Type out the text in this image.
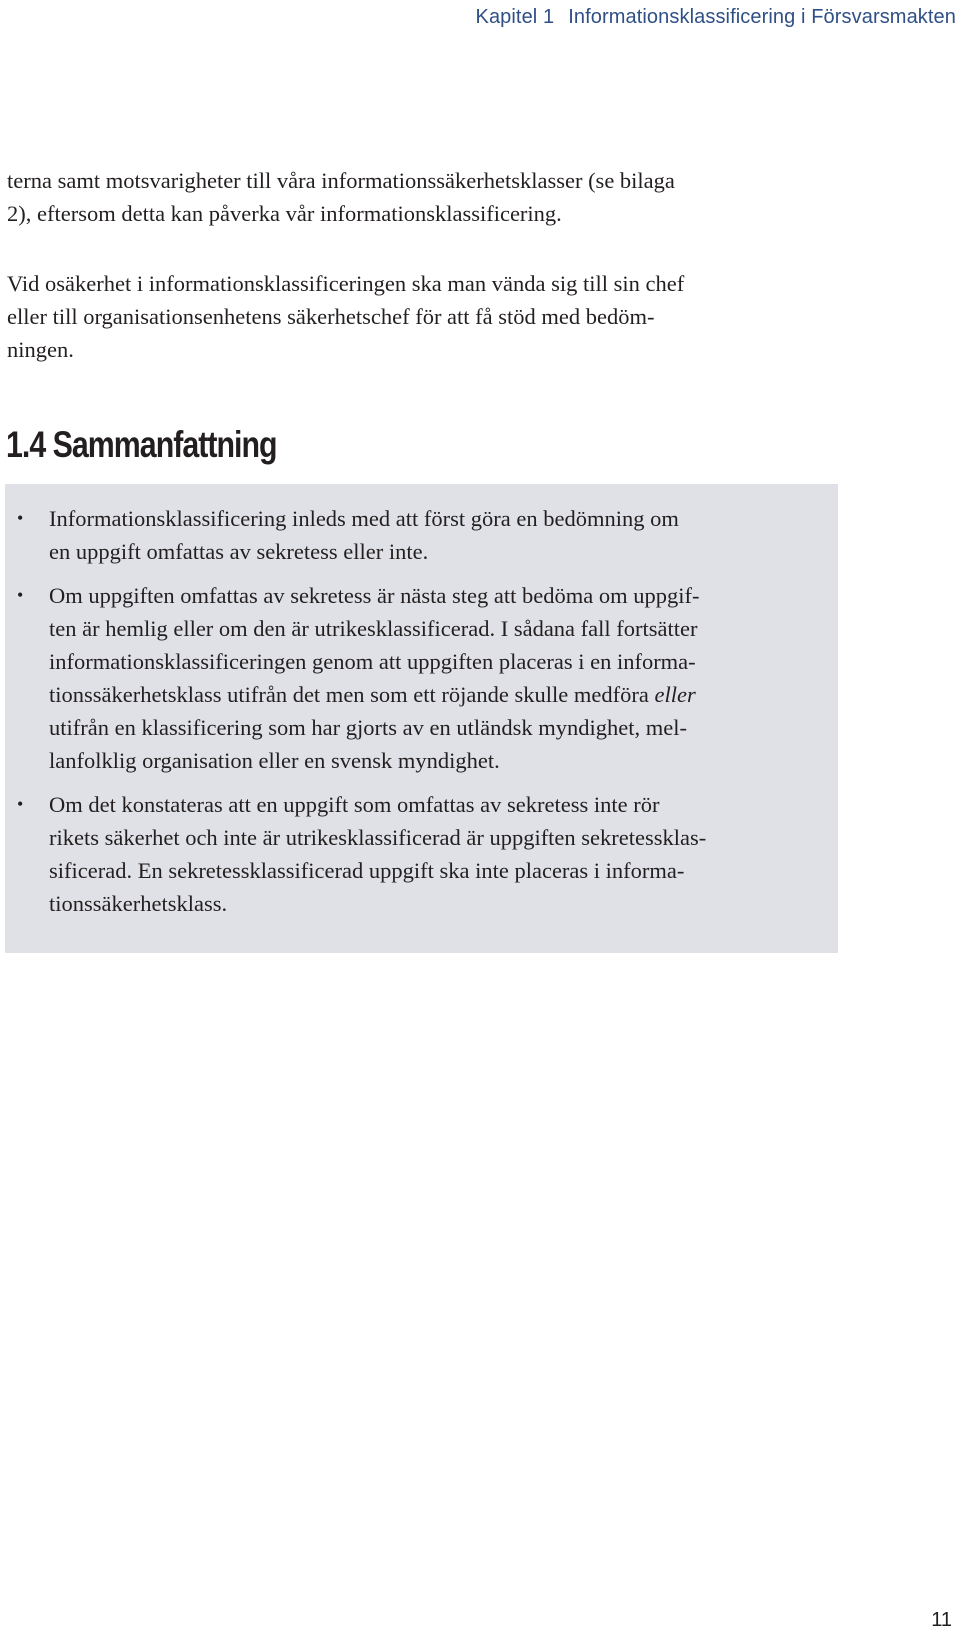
Kapitel 1 Informationsklassificering i Försvarsmakten

terna samt motsvarigheter till våra informationssäkerhetsklasser (se bilaga
2), eftersom detta kan påverka vår informationsklassificering.

Vid osäkerhet i informationsklassificeringen ska man vända sig till sin chef
eller till organisationsenhetens säkerhetschef för att få stöd med bedöm-
ningen.

1.4 Sammanfattning
• Informationsklassificering inleds med att först göra en bedömning om
en uppgift omfattas av sekretess eller inte.
• Om uppgiften omfattas av sekretess är nästa steg att bedöma om uppgif-
ten är hemlig eller om den är utrikesklassificerad. I sådana fall fortsätter
informationsklassificeringen genom att uppgiften placeras i en informa-
tionssäkerhetsklass utifrån det men som ett röjande skulle medföra eller
utifrån en klassificering som har gjorts av en utländsk myndighet, mel-
lanfolklig organisation eller en svensk myndighet.
• Om det konstateras att en uppgift som omfattas av sekretess inte rör
rikets säkerhet och inte är utrikesklassificerad är uppgiften sekretessklas-
sificerad. En sekretessklassificerad uppgift ska inte placeras i informa-
tionssäkerhetsklass.
11
